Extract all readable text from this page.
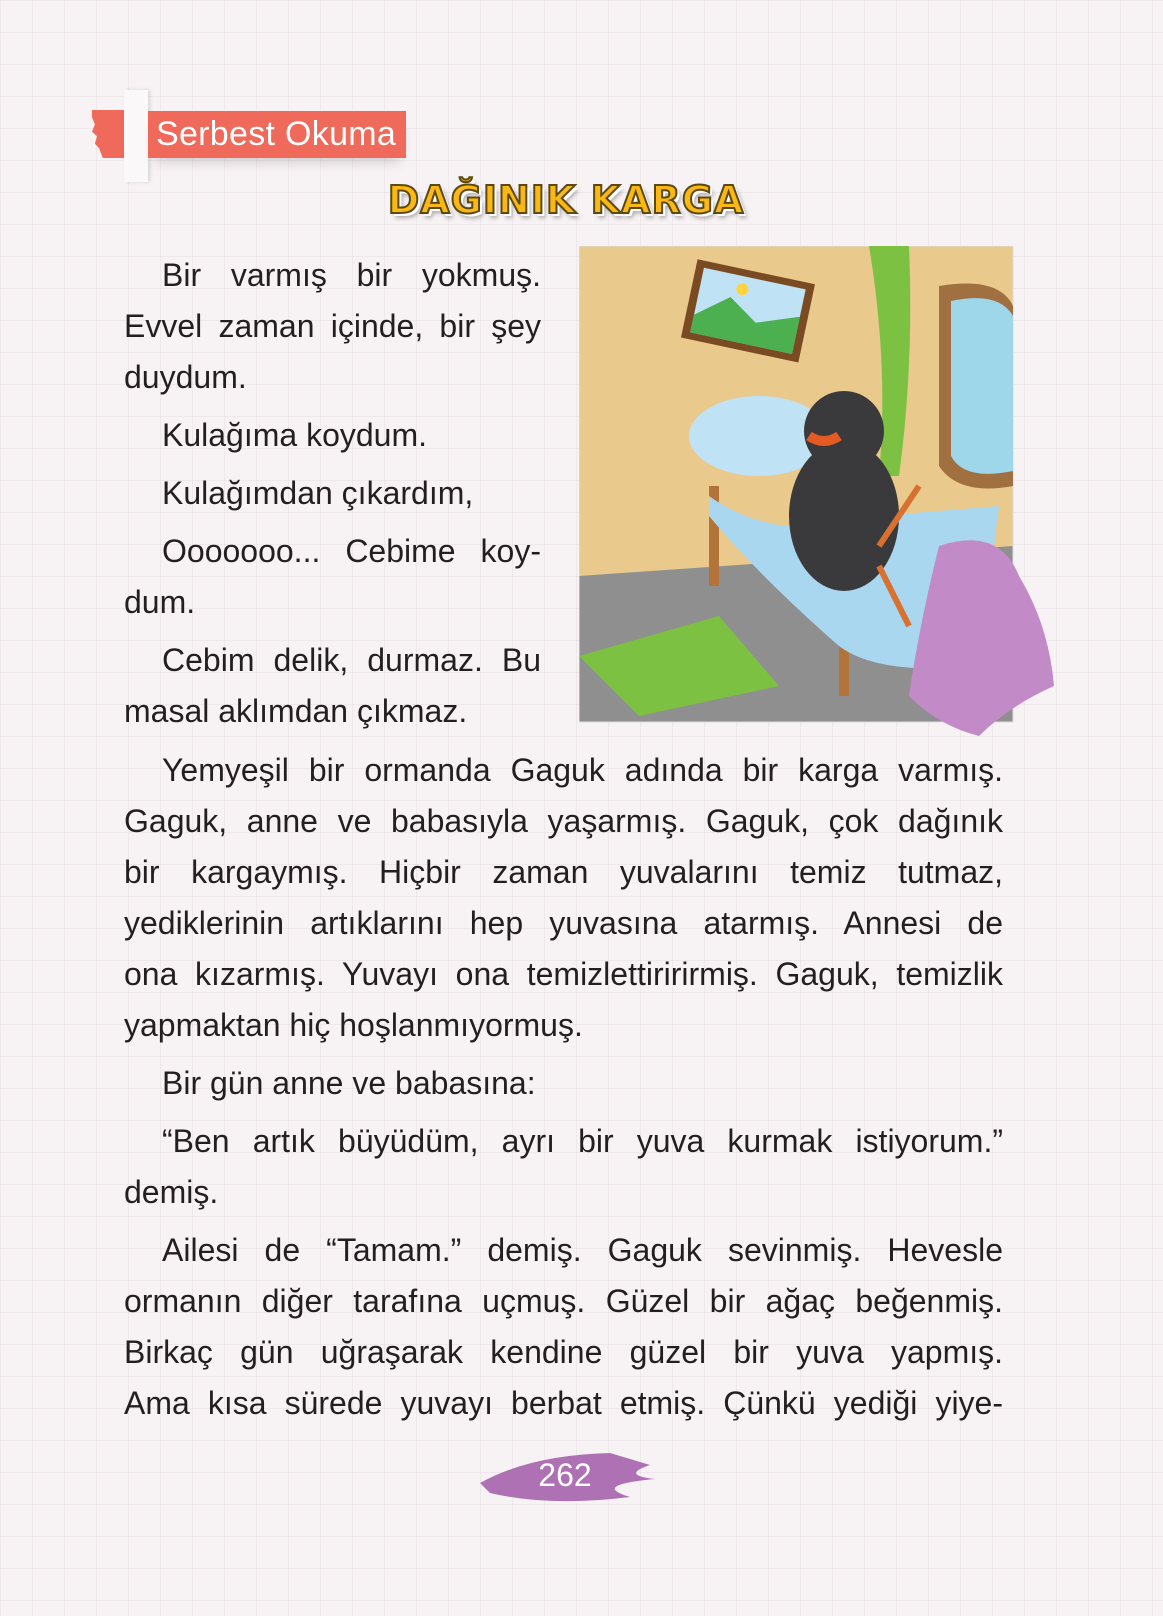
Serbest Okuma
DAĞINIK KARGA
Bir varmış bir yokmuş.
Evvel zaman içinde, bir şey
duydum.
Kulağıma koydum.
Kulağımdan çıkardım,
Ooooooo... Cebime koy-
dum.
Cebim delik, durmaz. Bu
masal aklımdan çıkmaz.
Yemyeşil bir ormanda Gaguk adında bir karga varmış.
Gaguk, anne ve babasıyla yaşarmış. Gaguk, çok dağınık
bir kargaymış. Hiçbir zaman yuvalarını temiz tutmaz,
yediklerinin artıklarını hep yuvasına atarmış. Annesi de
ona kızarmış. Yuvayı ona temizlettiririrmiş. Gaguk, temizlik
yapmaktan hiç hoşlanmıyormuş.
Bir gün anne ve babasına:
“Ben artık büyüdüm, ayrı bir yuva kurmak istiyorum.”
demiş.
Ailesi de “Tamam.” demiş. Gaguk sevinmiş. Hevesle
ormanın diğer tarafına uçmuş. Güzel bir ağaç beğenmiş.
Birkaç gün uğraşarak kendine güzel bir yuva yapmış.
Ama kısa sürede yuvayı berbat etmiş. Çünkü yediği yiye-
262
